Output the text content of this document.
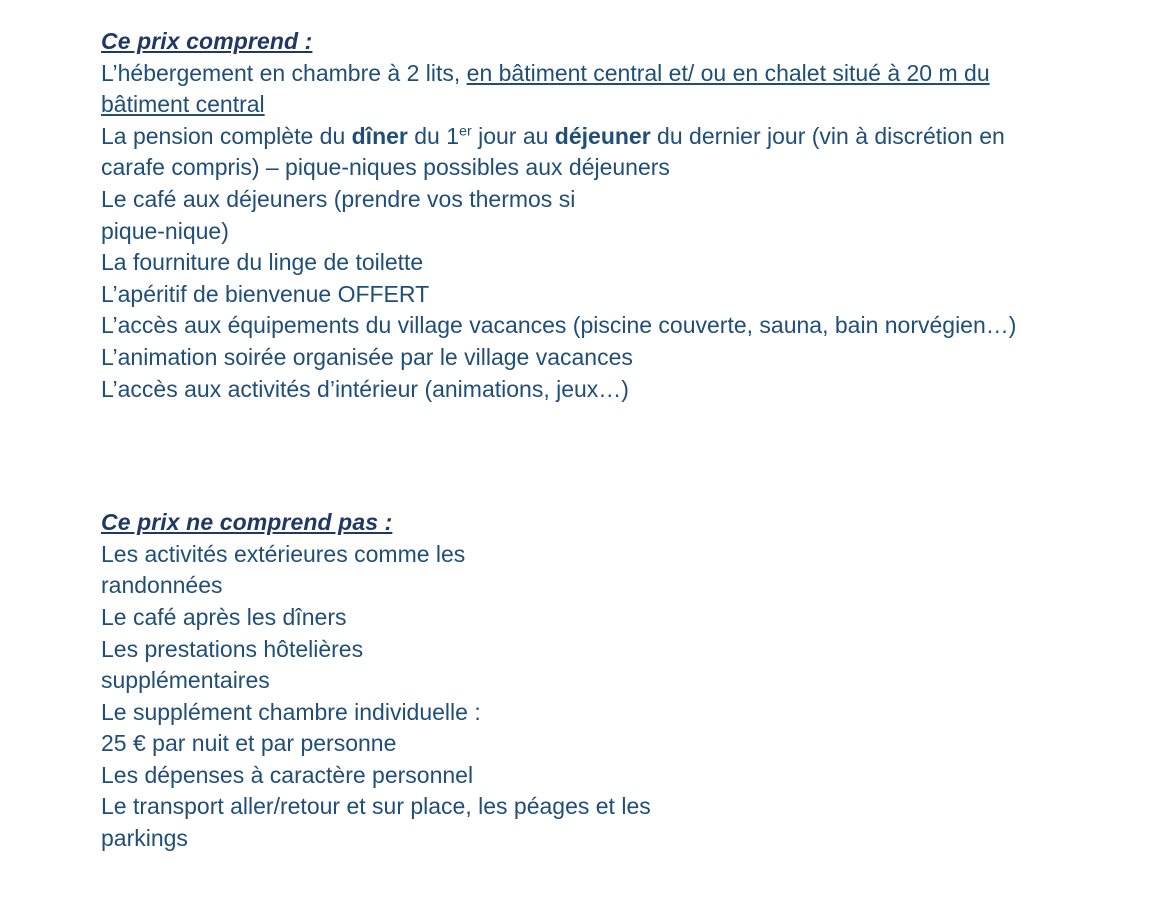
Ce prix comprend :
L’hébergement en chambre à 2 lits, en bâtiment central et/ ou en chalet situé à 20 m du bâtiment central
La pension complète du dîner du 1er jour au déjeuner du dernier jour (vin à discrétion en carafe compris) – pique-niques possibles aux déjeuners
Le café aux déjeuners (prendre vos thermos si
pique-nique)
La fourniture du linge de toilette
L’apéritif de bienvenue OFFERT
L’accès aux équipements du village vacances (piscine couverte, sauna, bain norvégien…)
L’animation soirée organisée par le village vacances
L’accès aux activités d’intérieur (animations, jeux…)
Ce prix ne comprend pas :
Les activités extérieures comme les
randonnées
Le café après les dîners
Les prestations hôtelières
supplémentaires
Le supplément chambre individuelle :
25 € par nuit et par personne
Les dépenses à caractère personnel
Le transport aller/retour et sur place, les péages et les
parkings
